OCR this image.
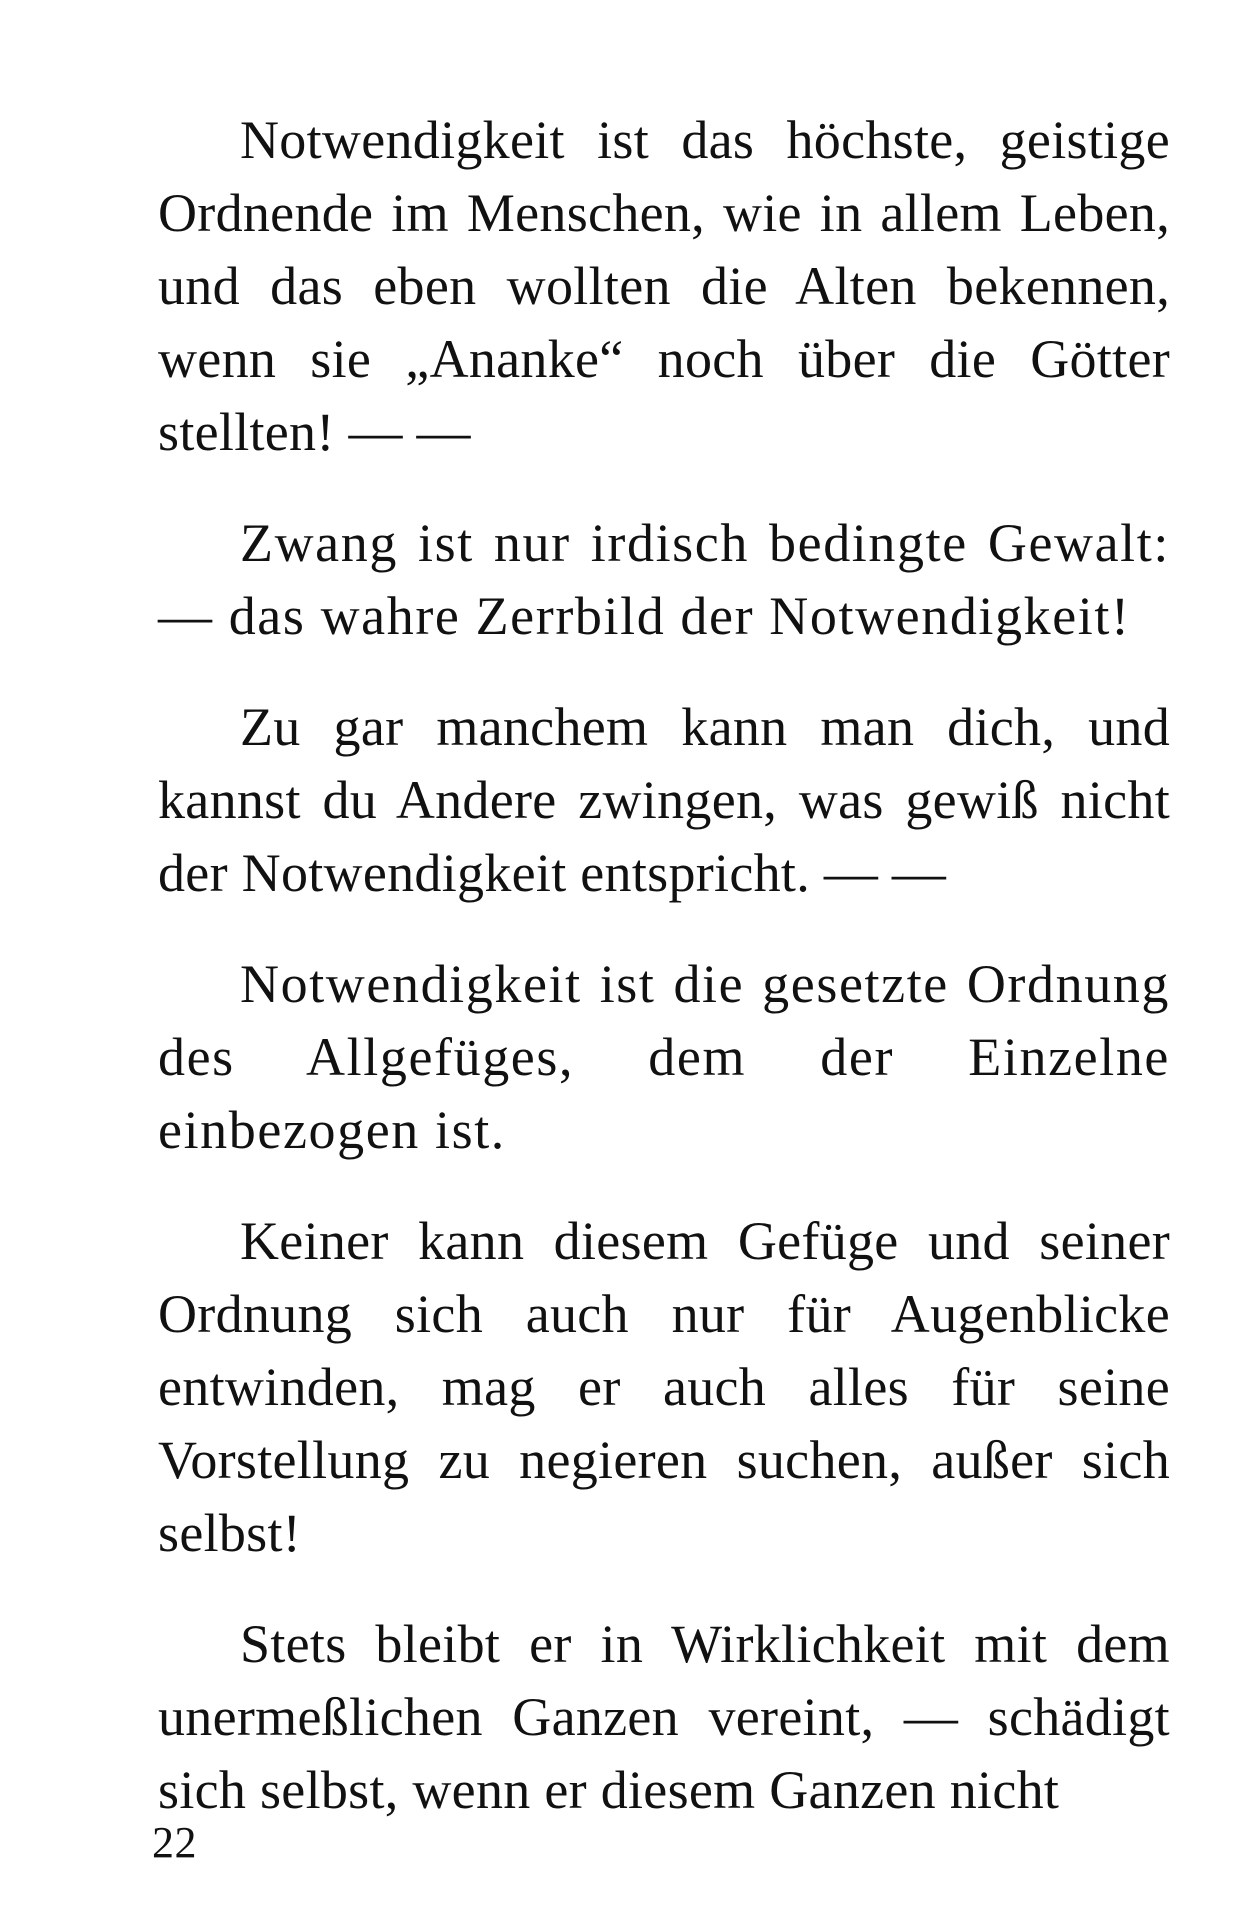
Notwendigkeit ist das höchste, geistige Ordnende im Menschen, wie in allem Leben, und das eben wollten die Alten bekennen, wenn sie „Ananke“ noch über die Götter stellten! — —

Zwang ist nur irdisch bedingte Gewalt: — das wahre Zerrbild der Notwendigkeit!

Zu gar manchem kann man dich, und kannst du Andere zwingen, was gewiß nicht der Notwendigkeit entspricht. — —

Notwendigkeit ist die gesetzte Ordnung des Allgefüges, dem der Einzelne einbezogen ist.

Keiner kann diesem Gefüge und seiner Ordnung sich auch nur für Augenblicke entwinden, mag er auch alles für seine Vorstellung zu negieren suchen, außer sich selbst!

Stets bleibt er in Wirklichkeit mit dem unermeßlichen Ganzen vereint, — schädigt sich selbst, wenn er diesem Ganzen nicht

22
